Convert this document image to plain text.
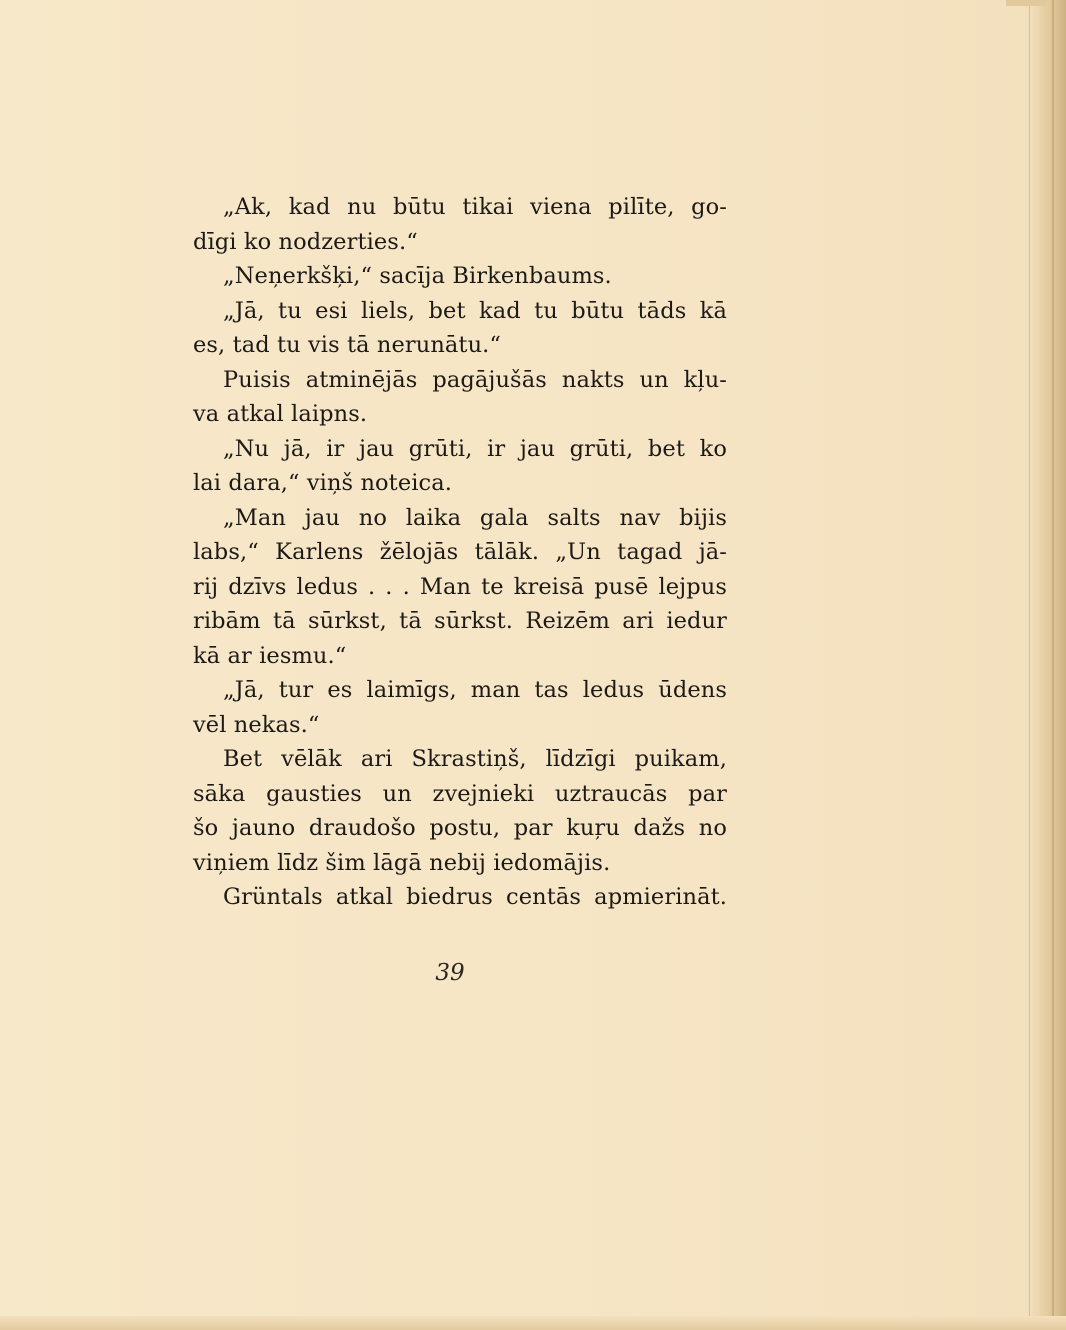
„Ak, kad nu būtu tikai viena pilīte, go-
dīgi ko nodzerties.“
„Neņerkšķi,“ sacīja Birkenbaums.
„Jā, tu esi liels, bet kad tu būtu tāds kā
es, tad tu vis tā nerunātu.“
Puisis atminējās pagājušās nakts un kļu-
va atkal laipns.
„Nu jā, ir jau grūti, ir jau grūti, bet ko
lai dara,“ viņš noteica.
„Man jau no laika gala salts nav bijis
labs,“ Karlens žēlojās tālāk. „Un tagad jā-
rij dzīvs ledus . . . Man te kreisā pusē lejpus
ribām tā sūrkst, tā sūrkst. Reizēm ari iedur
kā ar iesmu.“
„Jā, tur es laimīgs, man tas ledus ūdens
vēl nekas.“
Bet vēlāk ari Skrastiņš, līdzīgi puikam,
sāka gausties un zvejnieki uztraucās par
šo jauno draudošo postu, par kuŗu dažs no
viņiem līdz šim lāgā nebij iedomājis.
Grüntals atkal biedrus centās apmierināt.
39
